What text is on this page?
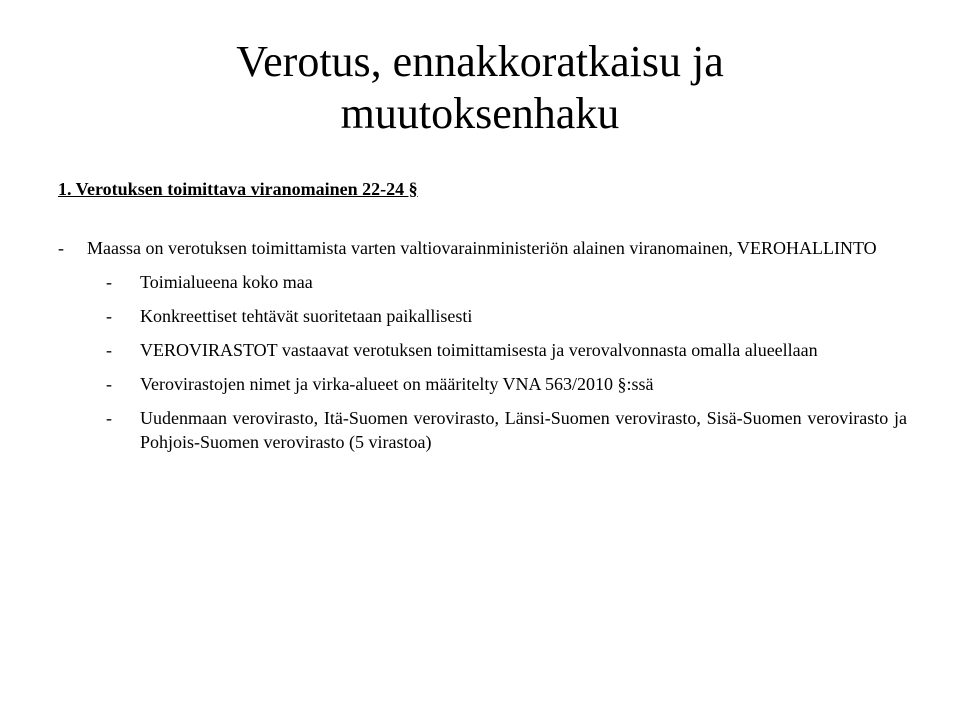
Verotus, ennakkoratkaisu ja
muutoksenhaku
1. Verotuksen toimittava viranomainen 22-24 §
-	Maassa on verotuksen toimittamista varten valtiovarainministeriön alainen viranomainen, VEROHALLINTO
-	Toimialueena koko maa
-	Konkreettiset tehtävät suoritetaan paikallisesti
-	VEROVIRASTOT vastaavat verotuksen toimittamisesta ja verovalvonnasta omalla alueellaan
-	Verovirastojen nimet ja virka-alueet on määritelty VNA 563/2010 §:ssä
-	Uudenmaan verovirasto, Itä-Suomen verovirasto, Länsi-Suomen verovirasto, Sisä-Suomen verovirasto ja Pohjois-Suomen verovirasto (5 virastoa)
